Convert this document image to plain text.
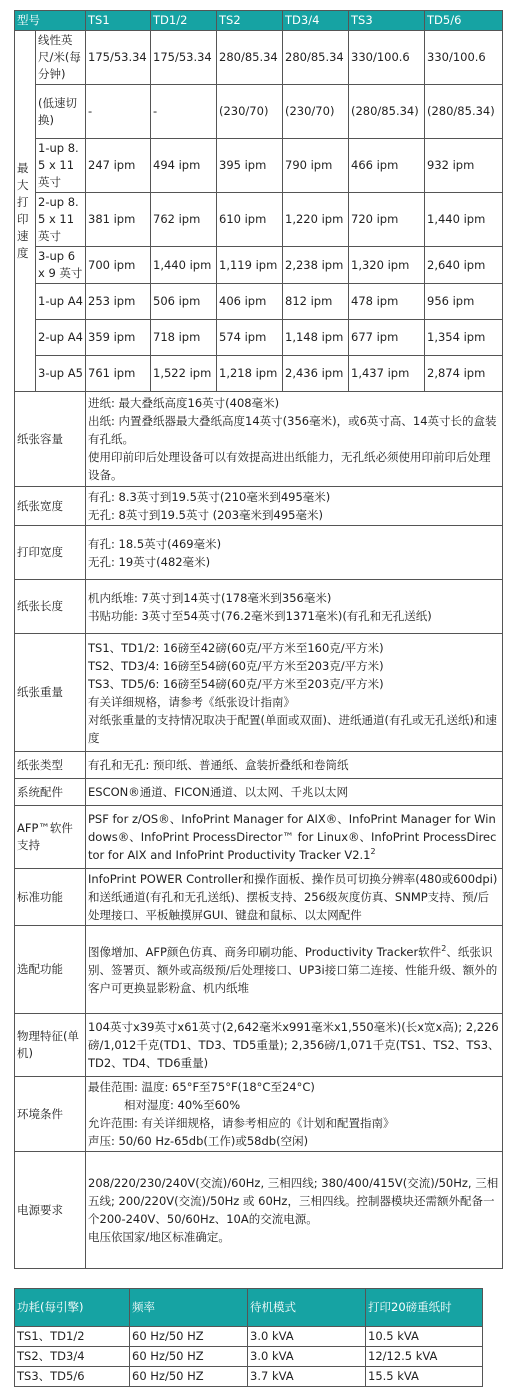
型号		TS1	TD1/2	TS2	TD3/4	TS3	TD5/6
最大打印速度	线性英尺/米(每分钟)	175/53.34	175/53.34	280/85.34	280/85.34	330/100.6	330/100.6
	(低速切换)	-	-	(230/70)	(230/70)	(280/85.34)	(280/85.34)
	1-up 8.5 x 11 英寸	247 ipm	494 ipm	395 ipm	790 ipm	466 ipm	932 ipm
	2-up 8.5 x 11 英寸	381 ipm	762 ipm	610 ipm	1,220 ipm	720 ipm	1,440 ipm
	3-up 6 x 9 英寸	700 ipm	1,440 ipm	1,119 ipm	2,238 ipm	1,320 ipm	2,640 ipm
	1-up A4	253 ipm	506 ipm	406 ipm	812 ipm	478 ipm	956 ipm
	2-up A4	359 ipm	718 ipm	574 ipm	1,148 ipm	677 ipm	1,354 ipm
	3-up A5	761 ipm	1,522 ipm	1,218 ipm	2,436 ipm	1,437 ipm	2,874 ipm
纸张容量		进纸: 最大叠纸高度16英寸(408毫米)
出纸: 内置叠纸器最大叠纸高度14英寸(356毫米)，或6英寸高、14英寸长的盒装有孔纸。
使用印前印后处理设备可以有效提高进出纸能力，无孔纸必须使用印前印后处理设备。					

纸张宽度		有孔: 8.3英寸到19.5英寸(210毫米到495毫米)
无孔: 8英寸到19.5英寸 (203毫米到495毫米)					

打印宽度		有孔: 18.5英寸(469毫米)
无孔: 19英寸(482毫米)					

纸张长度		机内纸堆: 7英寸到14英寸(178毫米到356毫米)
书贴功能: 3英寸至54英寸(76.2毫米到1371毫米)(有孔和无孔送纸)					

纸张重量		TS1、TD1/2: 16磅至42磅(60克/平方米至160克/平方米)
TS2、TD3/4: 16磅至54磅(60克/平方米至203克/平方米)
TS3、TD5/6: 16磅至54磅(60克/平方米至203克/平方米)
有关详细规格，请参考《纸张设计指南》
对纸张重量的支持情况取决于配置(单面或双面)、进纸通道(有孔或无孔送纸)和速度					

纸张类型		有孔和无孔: 预印纸、普通纸、盒装折叠纸和卷筒纸					

系统配件		ESCON®通道、FICON通道、以太网、千兆以太网					

AFP™软件支持		PSF for z/OS®、InfoPrint Manager for AIX®、InfoPrint Manager for Windows®、InfoPrint ProcessDirector™ for Linux®、InfoPrint ProcessDirector for AIX and InfoPrint Productivity Tracker $V2.1^2$

标准功能		InfoPrint POWER Controller和操作面板、操作员可切换分辨率(480或600dpi)和送纸通道(有孔和无孔送纸)、摆板支持、256级灰度仿真、SNMP支持、预/后处理接口、平板触摸屏GUI、键盘和鼠标、以太网配件					

选配功能		图像增加、AFP颜色仿真、商务印刷功能、Productivity Tracker软件$^2$、纸张识别、签署页、额外或高级预/后处理接口、UP3i接口第二连接、性能升级、额外的客户可更换显影粉盒、机内纸堆					

物理特征(单机)		104英寸x39英寸x61英寸(2,642毫米x991毫米x1,550毫米)(长x宽x高); 2,226磅/1,012千克(TD1、TD3、TD5重量); 2,356磅/1,071千克(TS1、TS2、TS3、TD2、TD4、TD6重量)					

环境条件		最佳范围: 温度: 65°F至75°F(18°C至24°C)
相对湿度: 40%至60%
允许范围: 有关详细规格，请参考相应的《计划和配置指南》
声压: 50/60 Hz-65db(工作)或58db(空闲)					

电源要求		208/220/230/240V(交流)/60Hz, 三相四线; 380/400/415V(交流)/50Hz, 三相五线; 200/220V(交流)/50Hz 或 60Hz，三相四线。控制器模块还需额外配备一个200-240V、50/60Hz、10A的交流电源。
电压依国家/地区标准确定。					
功耗(每引擎)	频率	待机模式	打印20磅重纸时
TS1、TD1/2	60 Hz/50 HZ	3.0 kVA	10.5 kVA
TS2、TD3/4	60 Hz/50 HZ	3.0 kVA	12/12.5 kVA
TS3、TD5/6	60 Hz/50 HZ	3.7 kVA	15.5 kVA
